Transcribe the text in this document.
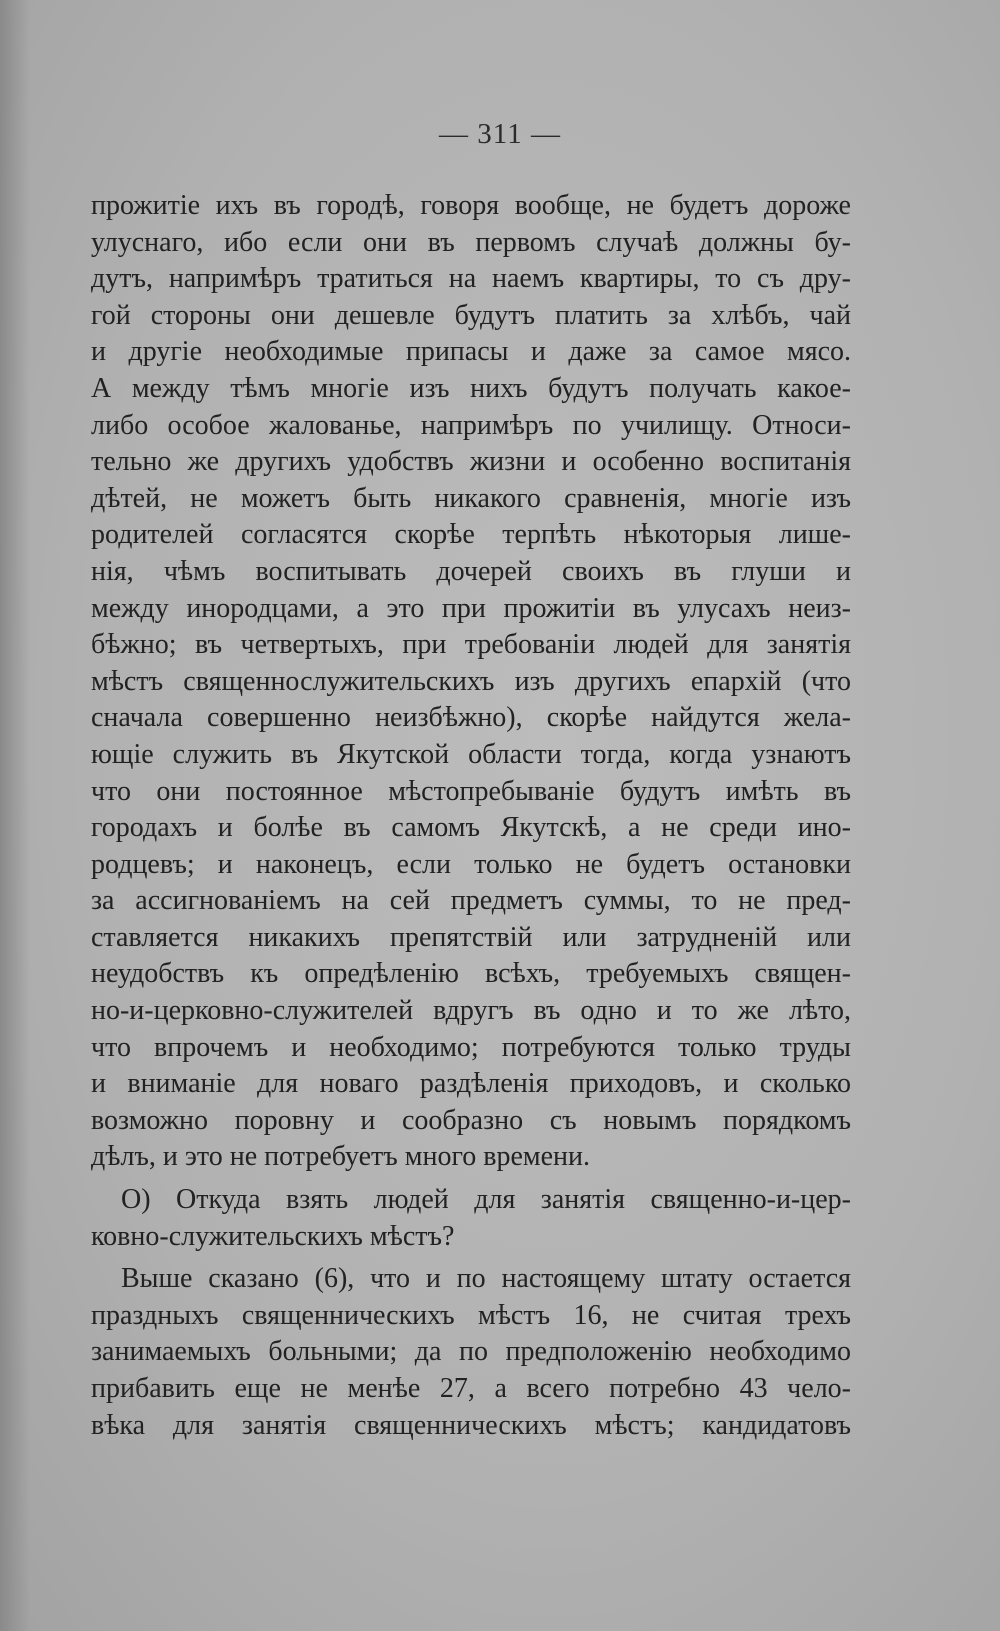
— 311 —
прожитіе ихъ въ городѣ, говоря вообще, не будетъ дороже
улуснаго, ибо если они въ первомъ случаѣ должны бу-
дутъ, напримѣръ тратиться на наемъ квартиры, то съ дру-
гой стороны они дешевле будутъ платить за хлѣбъ, чай
и другіе необходимые припасы и даже за самое мясо.
А между тѣмъ многіе изъ нихъ будутъ получать какое-
либо особое жалованье, напримѣръ по училищу. Относи-
тельно же другихъ удобствъ жизни и особенно воспитанія
дѣтей, не можетъ быть никакого сравненія, многіе изъ
родителей согласятся скорѣе терпѣть нѣкоторыя лише-
нія, чѣмъ воспитывать дочерей своихъ въ глуши и
между инородцами, а это при прожитіи въ улусахъ неиз-
бѣжно; въ четвертыхъ, при требованіи людей для занятія
мѣстъ священнослужительскихъ изъ другихъ епархій (что
сначала совершенно неизбѣжно), скорѣе найдутся жела-
ющіе служить въ Якутской области тогда, когда узнаютъ
что они постоянное мѣстопребываніе будутъ имѣть въ
городахъ и болѣе въ самомъ Якутскѣ, а не среди ино-
родцевъ; и наконецъ, если только не будетъ остановки
за ассигнованіемъ на сей предметъ суммы, то не пред-
ставляется никакихъ препятствій или затрудненій или
неудобствъ къ опредѣленію всѣхъ, требуемыхъ священ-
но-и-церковно-служителей вдругъ въ одно и то же лѣто,
что впрочемъ и необходимо; потребуются только труды
и вниманіе для новаго раздѣленія приходовъ, и сколько
возможно поровну и сообразно съ новымъ порядкомъ
дѣлъ, и это не потребуетъ много времени.
O) Откуда взять людей для занятія священно-и-цер-
ковно-служительскихъ мѣстъ?
Выше сказано (6), что и по настоящему штату остается
праздныхъ священническихъ мѣстъ 16, не считая трехъ
занимаемыхъ больными; да по предположенію необходимо
прибавить еще не менѣе 27, а всего потребно 43 чело-
вѣка для занятія священническихъ мѣстъ; кандидатовъ
